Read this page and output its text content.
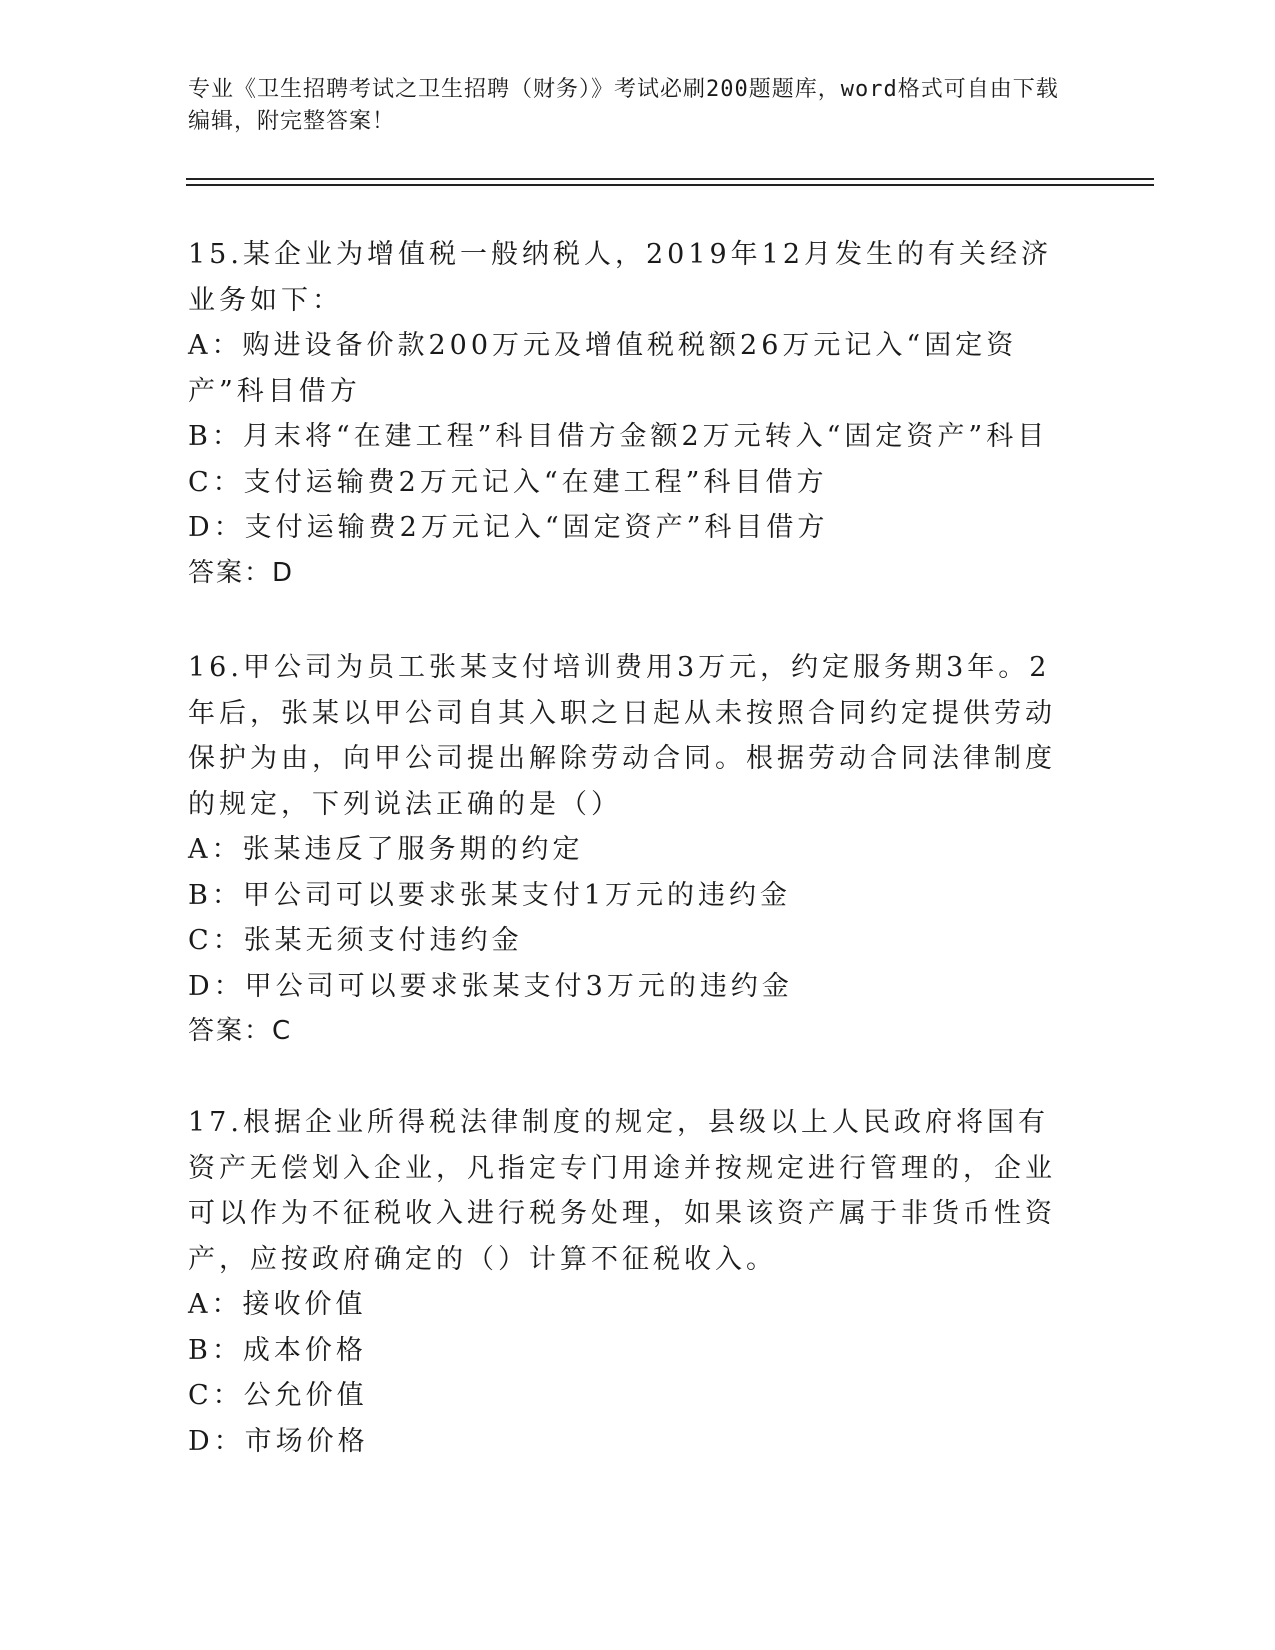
专业《卫生招聘考试之卫生招聘（财务）》考试必刷200题题库，word格式可自由下载编辑，附完整答案！

15.某企业为增值税一般纳税人，2019年12月发生的有关经济业务如下：

A：购进设备价款200万元及增值税税额26万元记入“固定资产”科目借方

B：月末将“在建工程”科目借方金额2万元转入“固定资产”科目

C：支付运输费2万元记入“在建工程”科目借方

D：支付运输费2万元记入“固定资产”科目借方

答案：D

16.甲公司为员工张某支付培训费用3万元，约定服务期3年。2年后，张某以甲公司自其入职之日起从未按照合同约定提供劳动保护为由，向甲公司提出解除劳动合同。根据劳动合同法律制度的规定，下列说法正确的是（）

A：张某违反了服务期的约定

B：甲公司可以要求张某支付1万元的违约金

C：张某无须支付违约金

D：甲公司可以要求张某支付3万元的违约金

答案：C

17.根据企业所得税法律制度的规定，县级以上人民政府将国有资产无偿划入企业，凡指定专门用途并按规定进行管理的，企业可以作为不征税收入进行税务处理，如果该资产属于非货币性资产，应按政府确定的（）计算不征税收入。

A：接收价值

B：成本价格

C：公允价值

D：市场价格
